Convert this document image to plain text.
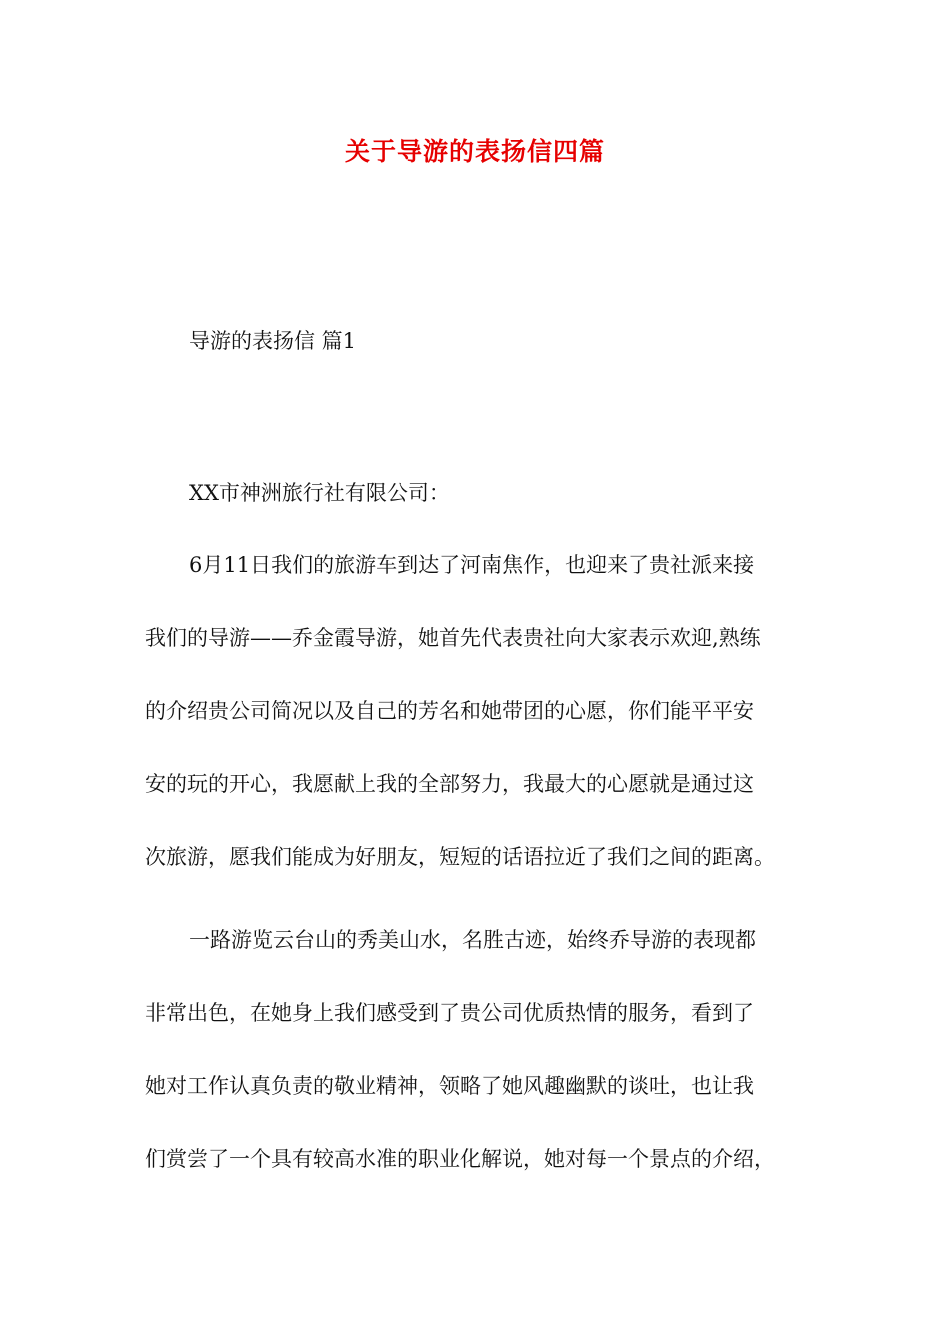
关于导游的表扬信四篇
导游的表扬信 篇1
XX市神洲旅行社有限公司：
6月11日我们的旅游车到达了河南焦作，也迎来了贵社派来接
我们的导游——乔金霞导游，她首先代表贵社向大家表示欢迎,熟练
的介绍贵公司简况以及自己的芳名和她带团的心愿，你们能平平安
安的玩的开心，我愿献上我的全部努力，我最大的心愿就是通过这
次旅游，愿我们能成为好朋友，短短的话语拉近了我们之间的距离。
一路游览云台山的秀美山水，名胜古迹，始终乔导游的表现都
非常出色，在她身上我们感受到了贵公司优质热情的服务，看到了
她对工作认真负责的敬业精神，领略了她风趣幽默的谈吐，也让我
们赏尝了一个具有较高水准的职业化解说，她对每一个景点的介绍，
